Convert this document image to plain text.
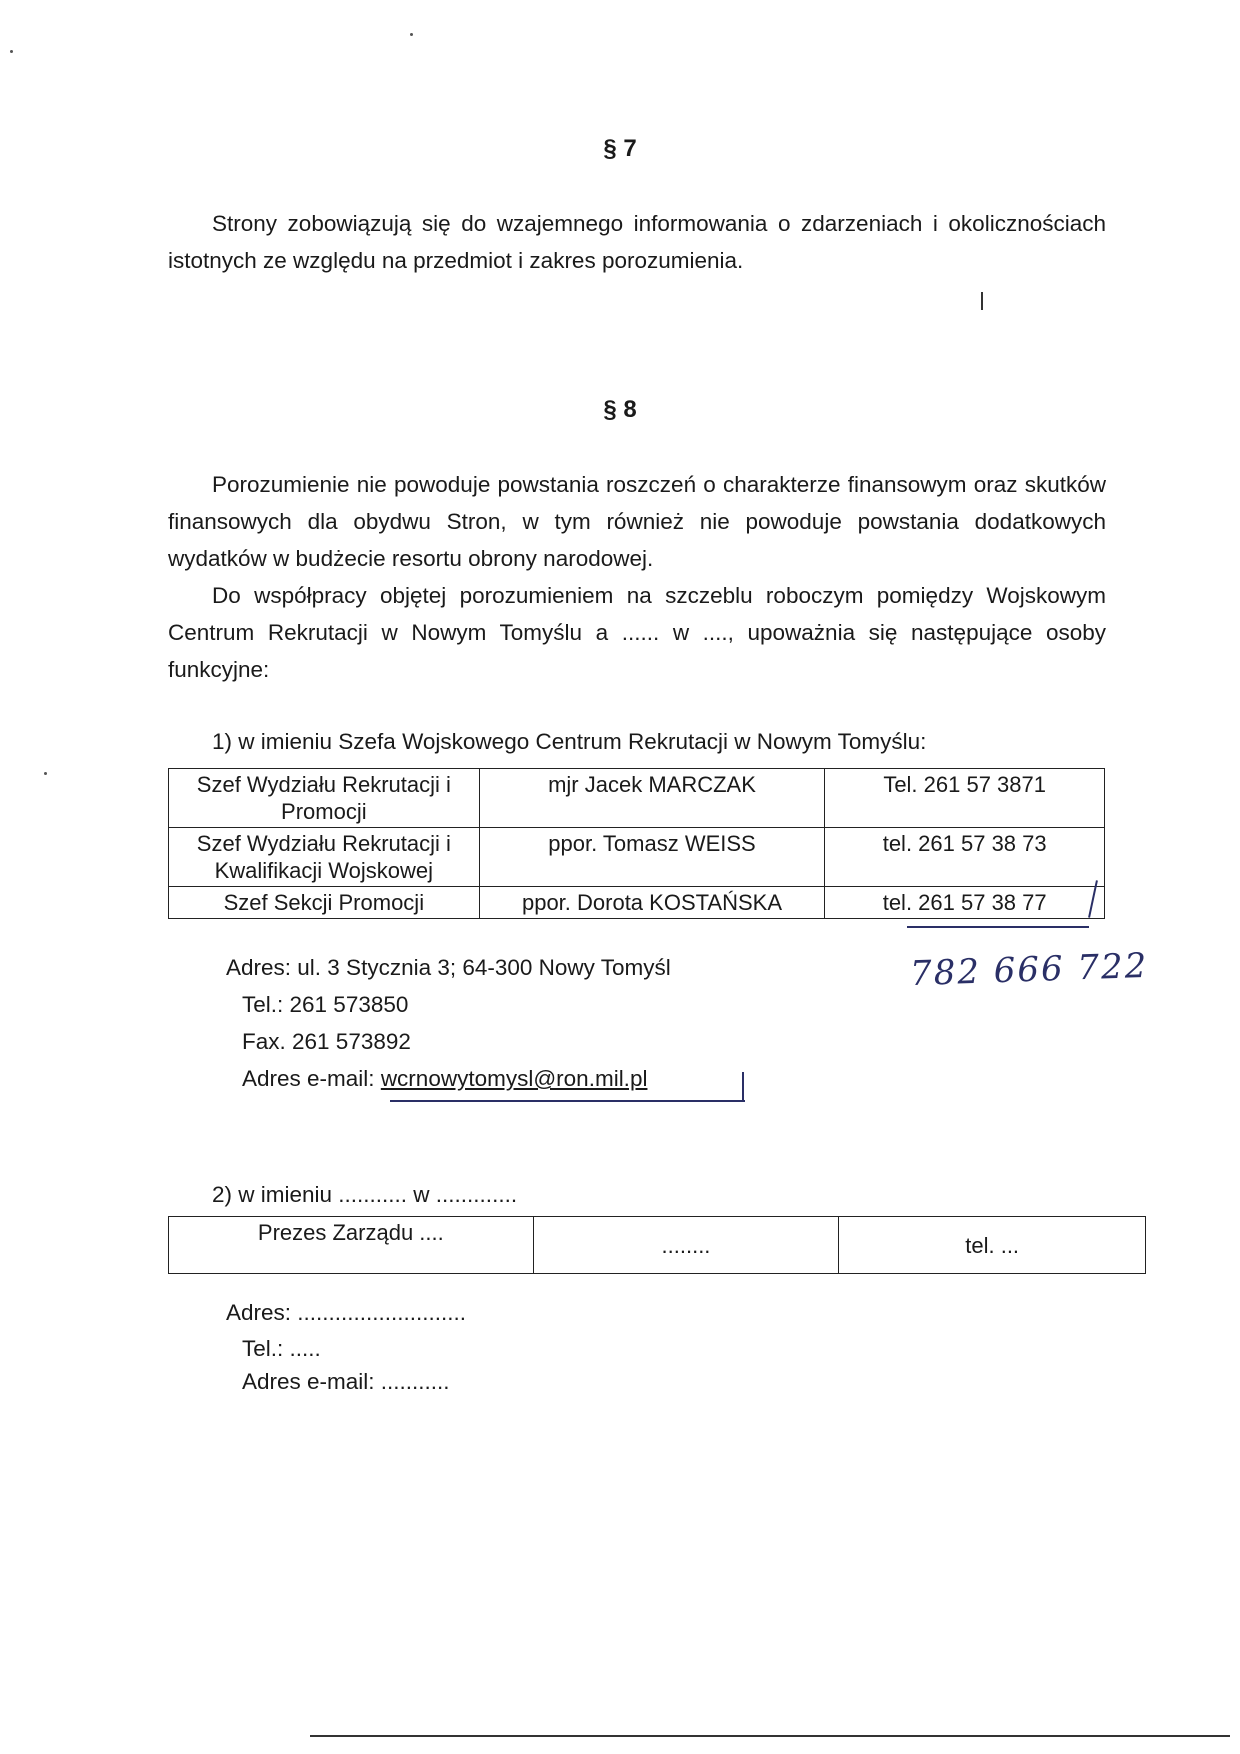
§ 7

Strony zobowiązują się do wzajemnego informowania o zdarzeniach i okolicznościach istotnych ze względu na przedmiot i zakres porozumienia.

§ 8

Porozumienie nie powoduje powstania roszczeń o charakterze finansowym oraz skutków finansowych dla obydwu Stron, w tym również nie powoduje powstania dodatkowych wydatków w budżecie resortu obrony narodowej.

Do współpracy objętej porozumieniem na szczeblu roboczym pomiędzy Wojskowym Centrum Rekrutacji w Nowym Tomyślu a ...... w ...., upoważnia się następujące osoby funkcyjne:

1) w imieniu Szefa Wojskowego Centrum Rekrutacji w Nowym Tomyślu:
Szef Wydziału Rekrutacji i Promocji	mjr Jacek MARCZAK	Tel. 261 57 3871
Szef Wydziału Rekrutacji i Kwalifikacji Wojskowej	ppor. Tomasz WEISS	tel. 261 57 38 73
Szef Sekcji Promocji	ppor. Dorota KOSTAŃSKA	tel. 261 57 38 77
782 666 722
Adres: ul. 3 Stycznia 3; 64-300 Nowy Tomyśl
Tel.: 261 573850
Fax. 261 573892
Adres e-mail: wcrnowytomysl@ron.mil.pl
2) w imieniu ........... w .............
Prezes Zarządu ....	........	tel. ...
Adres: ...........................
Tel.: .....
Adres e-mail: ...........
